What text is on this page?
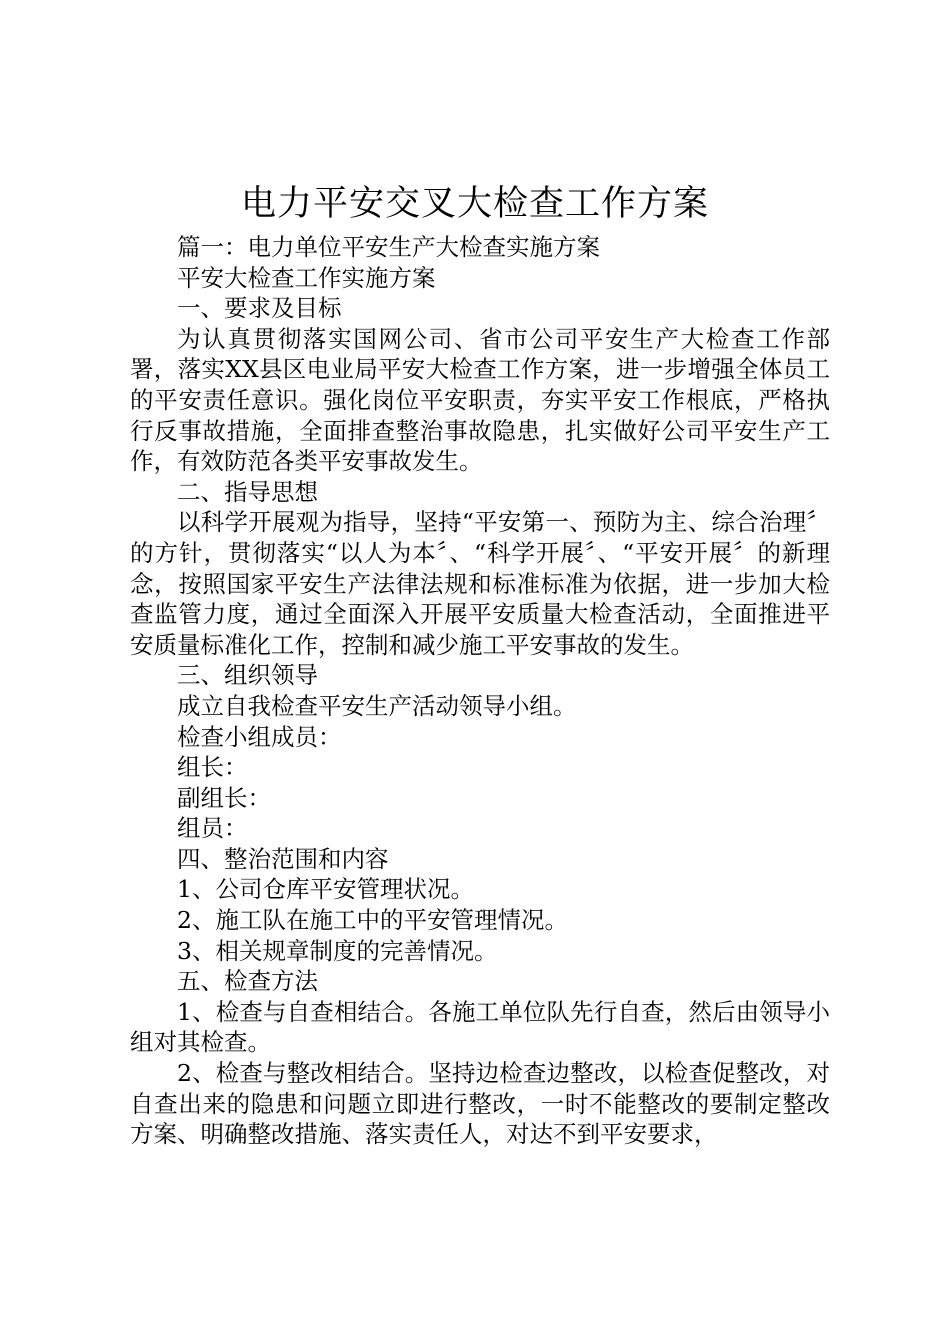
电力平安交叉大检查工作方案

篇一：电力单位平安生产大检查实施方案

平安大检查工作实施方案

一、要求及目标

为认真贯彻落实国网公司、省市公司平安生产大检查工作部署，落实XX县区电业局平安大检查工作方案，进一步增强全体员工的平安责任意识。强化岗位平安职责，夯实平安工作根底，严格执行反事故措施，全面排查整治事故隐患，扎实做好公司平安生产工作，有效防范各类平安事故发生。

二、指导思想

以科学开展观为指导，坚持“平安第一、预防为主、综合治理〞的方针，贯彻落实“以人为本〞、“科学开展〞、“平安开展〞的新理念，按照国家平安生产法律法规和标准标准为依据，进一步加大检查监管力度，通过全面深入开展平安质量大检查活动，全面推进平安质量标准化工作，控制和减少施工平安事故的发生。

三、组织领导

成立自我检查平安生产活动领导小组。

检查小组成员：

组长：

副组长：

组员：

四、整治范围和内容

1、公司仓库平安管理状况。

2、施工队在施工中的平安管理情况。

3、相关规章制度的完善情况。

五、检查方法

1、检查与自查相结合。各施工单位队先行自查，然后由领导小组对其检查。

2、检查与整改相结合。坚持边检查边整改，以检查促整改，对自查出来的隐患和问题立即进行整改，一时不能整改的要制定整改方案、明确整改措施、落实责任人，对达不到平安要求，
